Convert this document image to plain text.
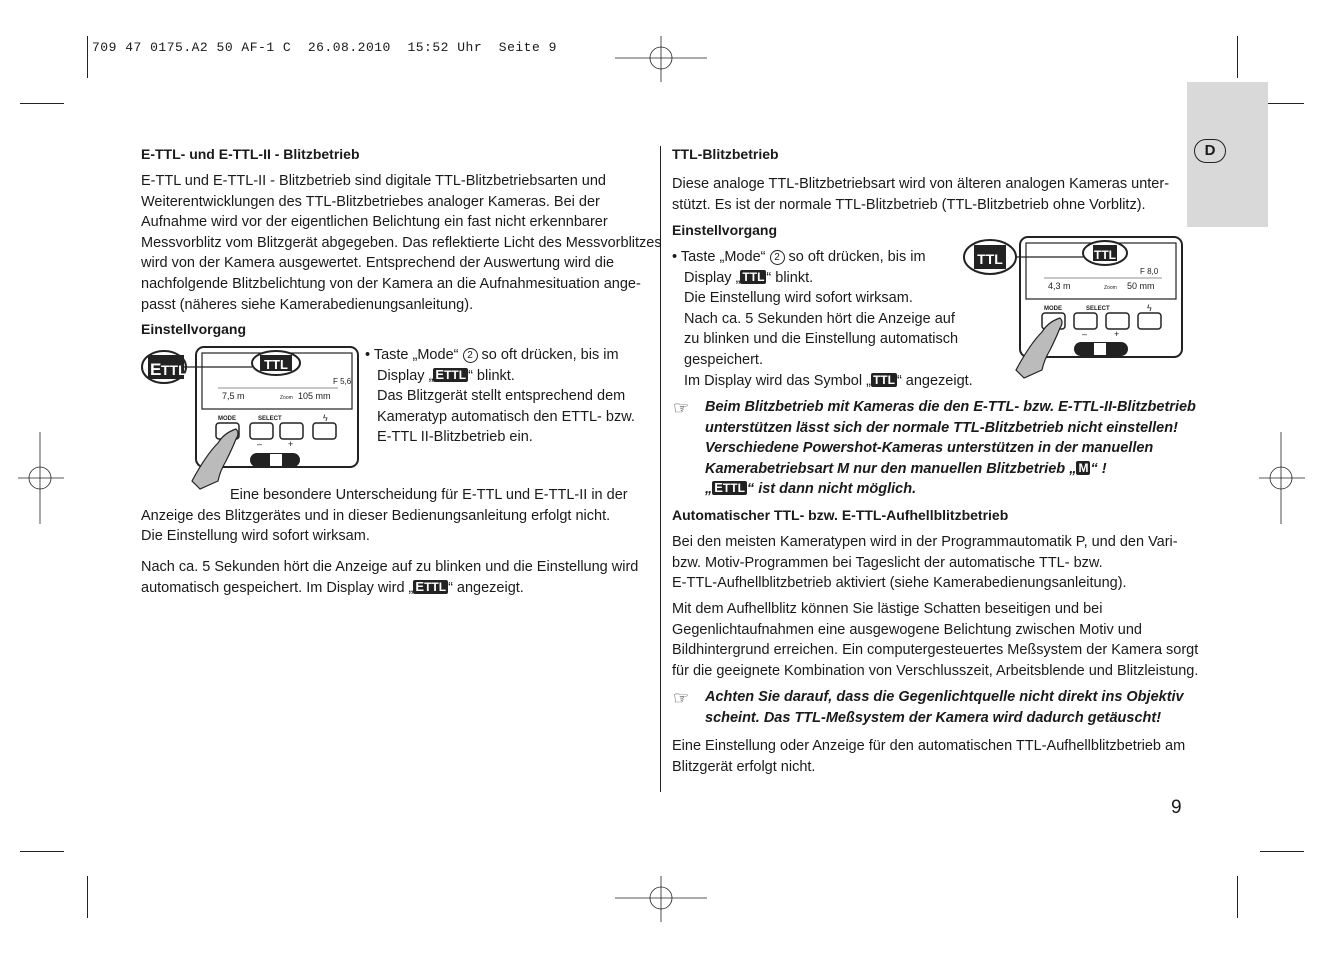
709 47 0175.A2 50 AF-1 C  26.08.2010  15:52 Uhr  Seite 9
D
E-TTL- und E-TTL-II - Blitzbetrieb
E-TTL und E-TTL-II - Blitzbetrieb sind digitale TTL-Blitzbetriebsarten und
Weiterentwicklungen des TTL-Blitzbetriebes analoger Kameras. Bei der
Aufnahme wird vor der eigentlichen Belichtung ein fast nicht erkennbarer
Messvorblitz vom Blitzgerät abgegeben. Das reflektierte Licht des Messvorblitzes
wird von der Kamera ausgewertet. Entsprechend der Auswertung wird die
nachfolgende Blitzbelichtung von der Kamera an die Aufnahmesituation ange-
passt (näheres siehe Kamerabedienungsanleitung).
Einstellvorgang
TTL
E TTL
F 5,6
7,5 m	Zoom 105 mm
MODE	SELECT	ϟ
–	+
• Taste „Mode“ 2 so oft drücken, bis im
Display „ ETTL “ blinkt.
Das Blitzgerät stellt entsprechend dem
Kameratyp automatisch den ETTL- bzw.
E-TTL II-Blitzbetrieb ein.
Eine besondere Unterscheidung für E-TTL und E-TTL-II in der
Anzeige des Blitzgerätes und in dieser Bedienungsanleitung erfolgt nicht.
Die Einstellung wird sofort wirksam.
Nach ca. 5 Sekunden hört die Anzeige auf zu blinken und die Einstellung wird
automatisch gespeichert. Im Display wird „ ETTL “ angezeigt.
TTL-Blitzbetrieb
Diese analoge TTL-Blitzbetriebsart wird von älteren analogen Kameras unter-
stützt. Es ist der normale TTL-Blitzbetrieb (TTL-Blitzbetrieb ohne Vorblitz).
Einstellvorgang
• Taste „Mode“ 2 so oft drücken, bis im
Display „ TTL “ blinkt.
Die Einstellung wird sofort wirksam.
Nach ca. 5 Sekunden hört die Anzeige auf
zu blinken und die Einstellung automatisch
gespeichert.
Im Display wird das Symbol „ TTL “ angezeigt.
TTL
TTL
F 8,0
4,3 m	Zoom 50 mm
MODE	SELECT	ϟ
–	+
☞ Beim Blitzbetrieb mit Kameras die den E-TTL- bzw. E-TTL-II-Blitzbetrieb
unterstützen lässt sich der normale TTL-Blitzbetrieb nicht einstellen!
Verschiedene Powershot-Kameras unterstützen in der manuellen
Kamerabetriebsart M nur den manuellen Blitzbetrieb „ M “ !
„ ETTL “ ist dann nicht möglich.
Automatischer TTL- bzw. E-TTL-Aufhellblitzbetrieb
Bei den meisten Kameratypen wird in der Programmautomatik P, und den Vari-
bzw. Motiv-Programmen bei Tageslicht der automatische TTL- bzw.
E-TTL-Aufhellblitzbetrieb aktiviert (siehe Kamerabedienungsanleitung).
Mit dem Aufhellblitz können Sie lästige Schatten beseitigen und bei
Gegenlichtaufnahmen eine ausgewogene Belichtung zwischen Motiv und
Bildhintergrund erreichen. Ein computergesteuertes Meßsystem der Kamera sorgt
für die geeignete Kombination von Verschlusszeit, Arbeitsblende und Blitzleistung.
☞ Achten Sie darauf, dass die Gegenlichtquelle nicht direkt ins Objektiv
scheint. Das TTL-Meßsystem der Kamera wird dadurch getäuscht!
Eine Einstellung oder Anzeige für den automatischen TTL-Aufhellblitzbetrieb am
Blitzgerät erfolgt nicht.
9
